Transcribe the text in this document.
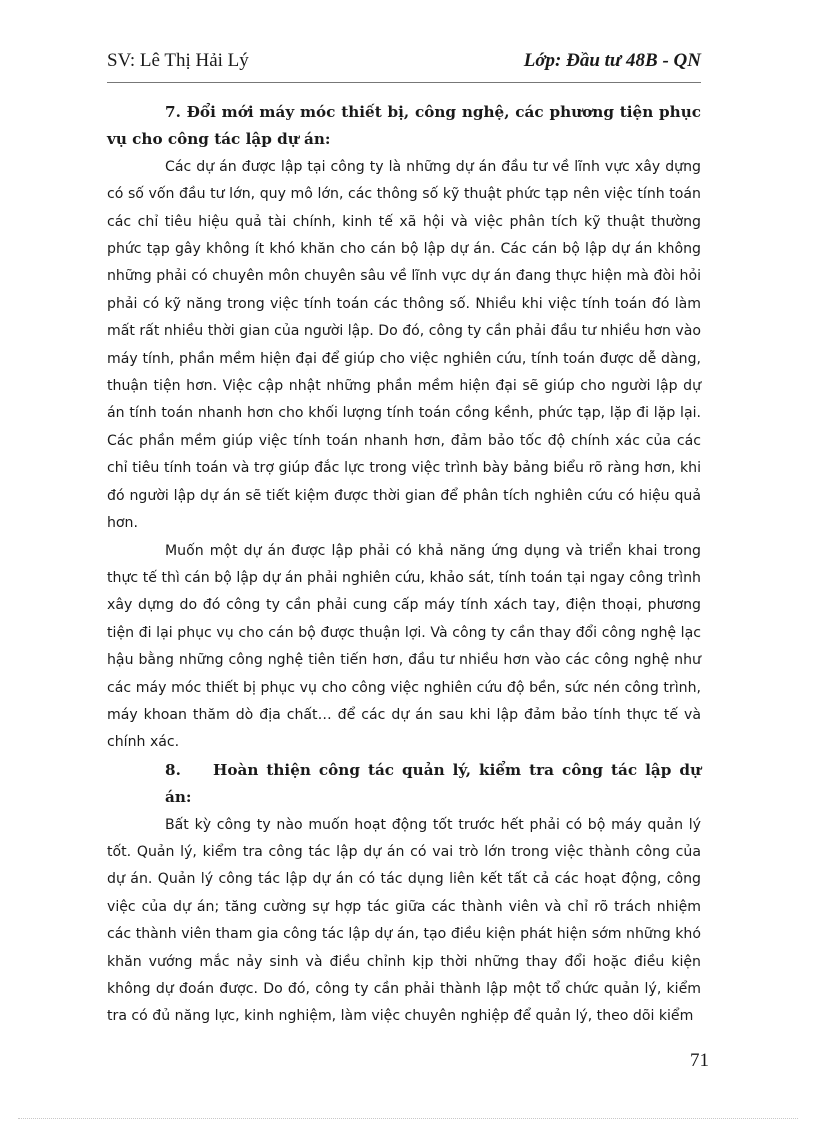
SV: Lê Thị Hải Lý	Lớp: Đầu tư 48B - QN

7. Đổi mới máy móc thiết bị, công nghệ, các phương tiện phục vụ cho công tác lập dự án:

Các dự án được lập tại công ty là những dự án đầu tư về lĩnh vực xây dựng có số vốn đầu tư lớn, quy mô lớn, các thông số kỹ thuật phức tạp nên việc tính toán các chỉ tiêu hiệu quả tài chính, kinh tế xã hội và việc phân tích kỹ thuật thường phức tạp gây không ít khó khăn cho cán bộ lập dự án. Các cán bộ lập dự án không những phải có chuyên môn chuyên sâu về lĩnh vực dự án đang thực hiện mà đòi hỏi phải có kỹ năng trong việc tính toán các thông số. Nhiều khi việc tính toán đó làm mất rất nhiều thời gian của người lập. Do đó, công ty cần phải đầu tư nhiều hơn vào máy tính, phần mềm hiện đại để giúp cho việc nghiên cứu, tính toán được dễ dàng, thuận tiện hơn. Việc cập nhật những phần mềm hiện đại sẽ giúp cho người lập dự án tính toán nhanh hơn cho khối lượng tính toán cồng kềnh, phức tạp, lặp đi lặp lại. Các phần mềm giúp việc tính toán nhanh hơn, đảm bảo tốc độ chính xác của các chỉ tiêu tính toán và trợ giúp đắc lực trong việc trình bày bảng biểu rõ ràng hơn, khi đó người lập dự án sẽ tiết kiệm được thời gian để phân tích nghiên cứu có hiệu quả hơn.

Muốn một dự án được lập phải có khả năng ứng dụng và triển khai trong thực tế thì cán bộ lập dự án phải nghiên cứu, khảo sát, tính toán tại ngay công trình xây dựng do đó công ty cần phải cung cấp máy tính xách tay, điện thoại, phương tiện đi lại phục vụ cho cán bộ được thuận lợi. Và công ty cần thay đổi công nghệ lạc hậu bằng những công nghệ tiên tiến hơn, đầu tư nhiều hơn vào các công nghệ như các máy móc thiết bị phục vụ cho công việc nghiên cứu độ bền, sức nén công trình, máy khoan thăm dò địa chất… để các dự án sau khi lập đảm bảo tính thực tế và chính xác.

8. Hoàn thiện công tác quản lý, kiểm tra công tác lập dự án:

Bất kỳ công ty nào muốn hoạt động tốt trước hết phải có bộ máy quản lý tốt. Quản lý, kiểm tra công tác lập dự án có vai trò lớn trong việc thành công của dự án. Quản lý công tác lập dự án có tác dụng liên kết tất cả các hoạt động, công việc của dự án; tăng cường sự hợp tác giữa các thành viên và chỉ rõ trách nhiệm các thành viên tham gia công tác lập dự án, tạo điều kiện phát hiện sớm những khó khăn vướng mắc nảy sinh và điều chỉnh kịp thời những thay đổi hoặc điều kiện không dự đoán được. Do đó, công ty cần phải thành lập một tổ chức quản lý, kiểm tra có đủ năng lực, kinh nghiệm, làm việc chuyên nghiệp để quản lý, theo dõi kiểm

71
